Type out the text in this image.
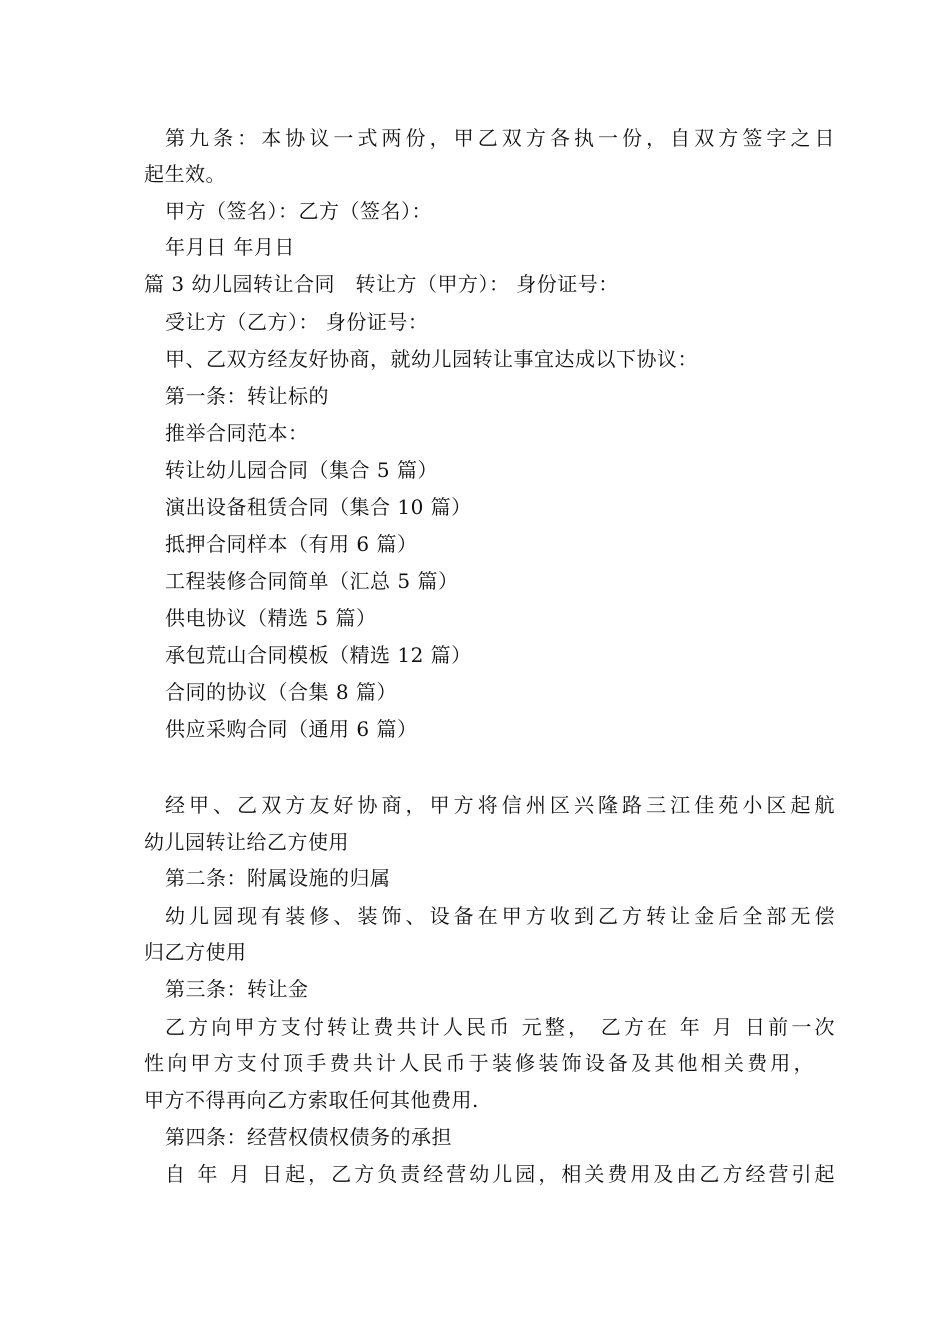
第九条：本协议一式两份，甲乙双方各执一份，自双方签字之日
起生效。
甲方（签名）：乙方（签名）：
年月日 年月日
篇 3 幼儿园转让合同　转让方（甲方）： 身份证号：
受让方（乙方）： 身份证号：
甲、乙双方经友好协商，就幼儿园转让事宜达成以下协议：
第一条：转让标的
推举合同范本：
转让幼儿园合同（集合 5 篇）
演出设备租赁合同（集合 10 篇）
抵押合同样本（有用 6 篇）
工程装修合同简单（汇总 5 篇）
供电协议（精选 5 篇）
承包荒山合同模板（精选 12 篇）
合同的协议（合集 8 篇）
供应采购合同（通用 6 篇）
经甲、乙双方友好协商，甲方将信州区兴隆路三江佳苑小区起航
幼儿园转让给乙方使用
第二条：附属设施的归属
幼儿园现有装修、装饰、设备在甲方收到乙方转让金后全部无偿
归乙方使用
第三条：转让金
乙方向甲方支付转让费共计人民币 元整， 乙方在 年 月 日前一次
性向甲方支付顶手费共计人民币于装修装饰设备及其他相关费用，
甲方不得再向乙方索取任何其他费用.
第四条：经营权债权债务的承担
自 年 月 日起，乙方负责经营幼儿园，相关费用及由乙方经营引起
